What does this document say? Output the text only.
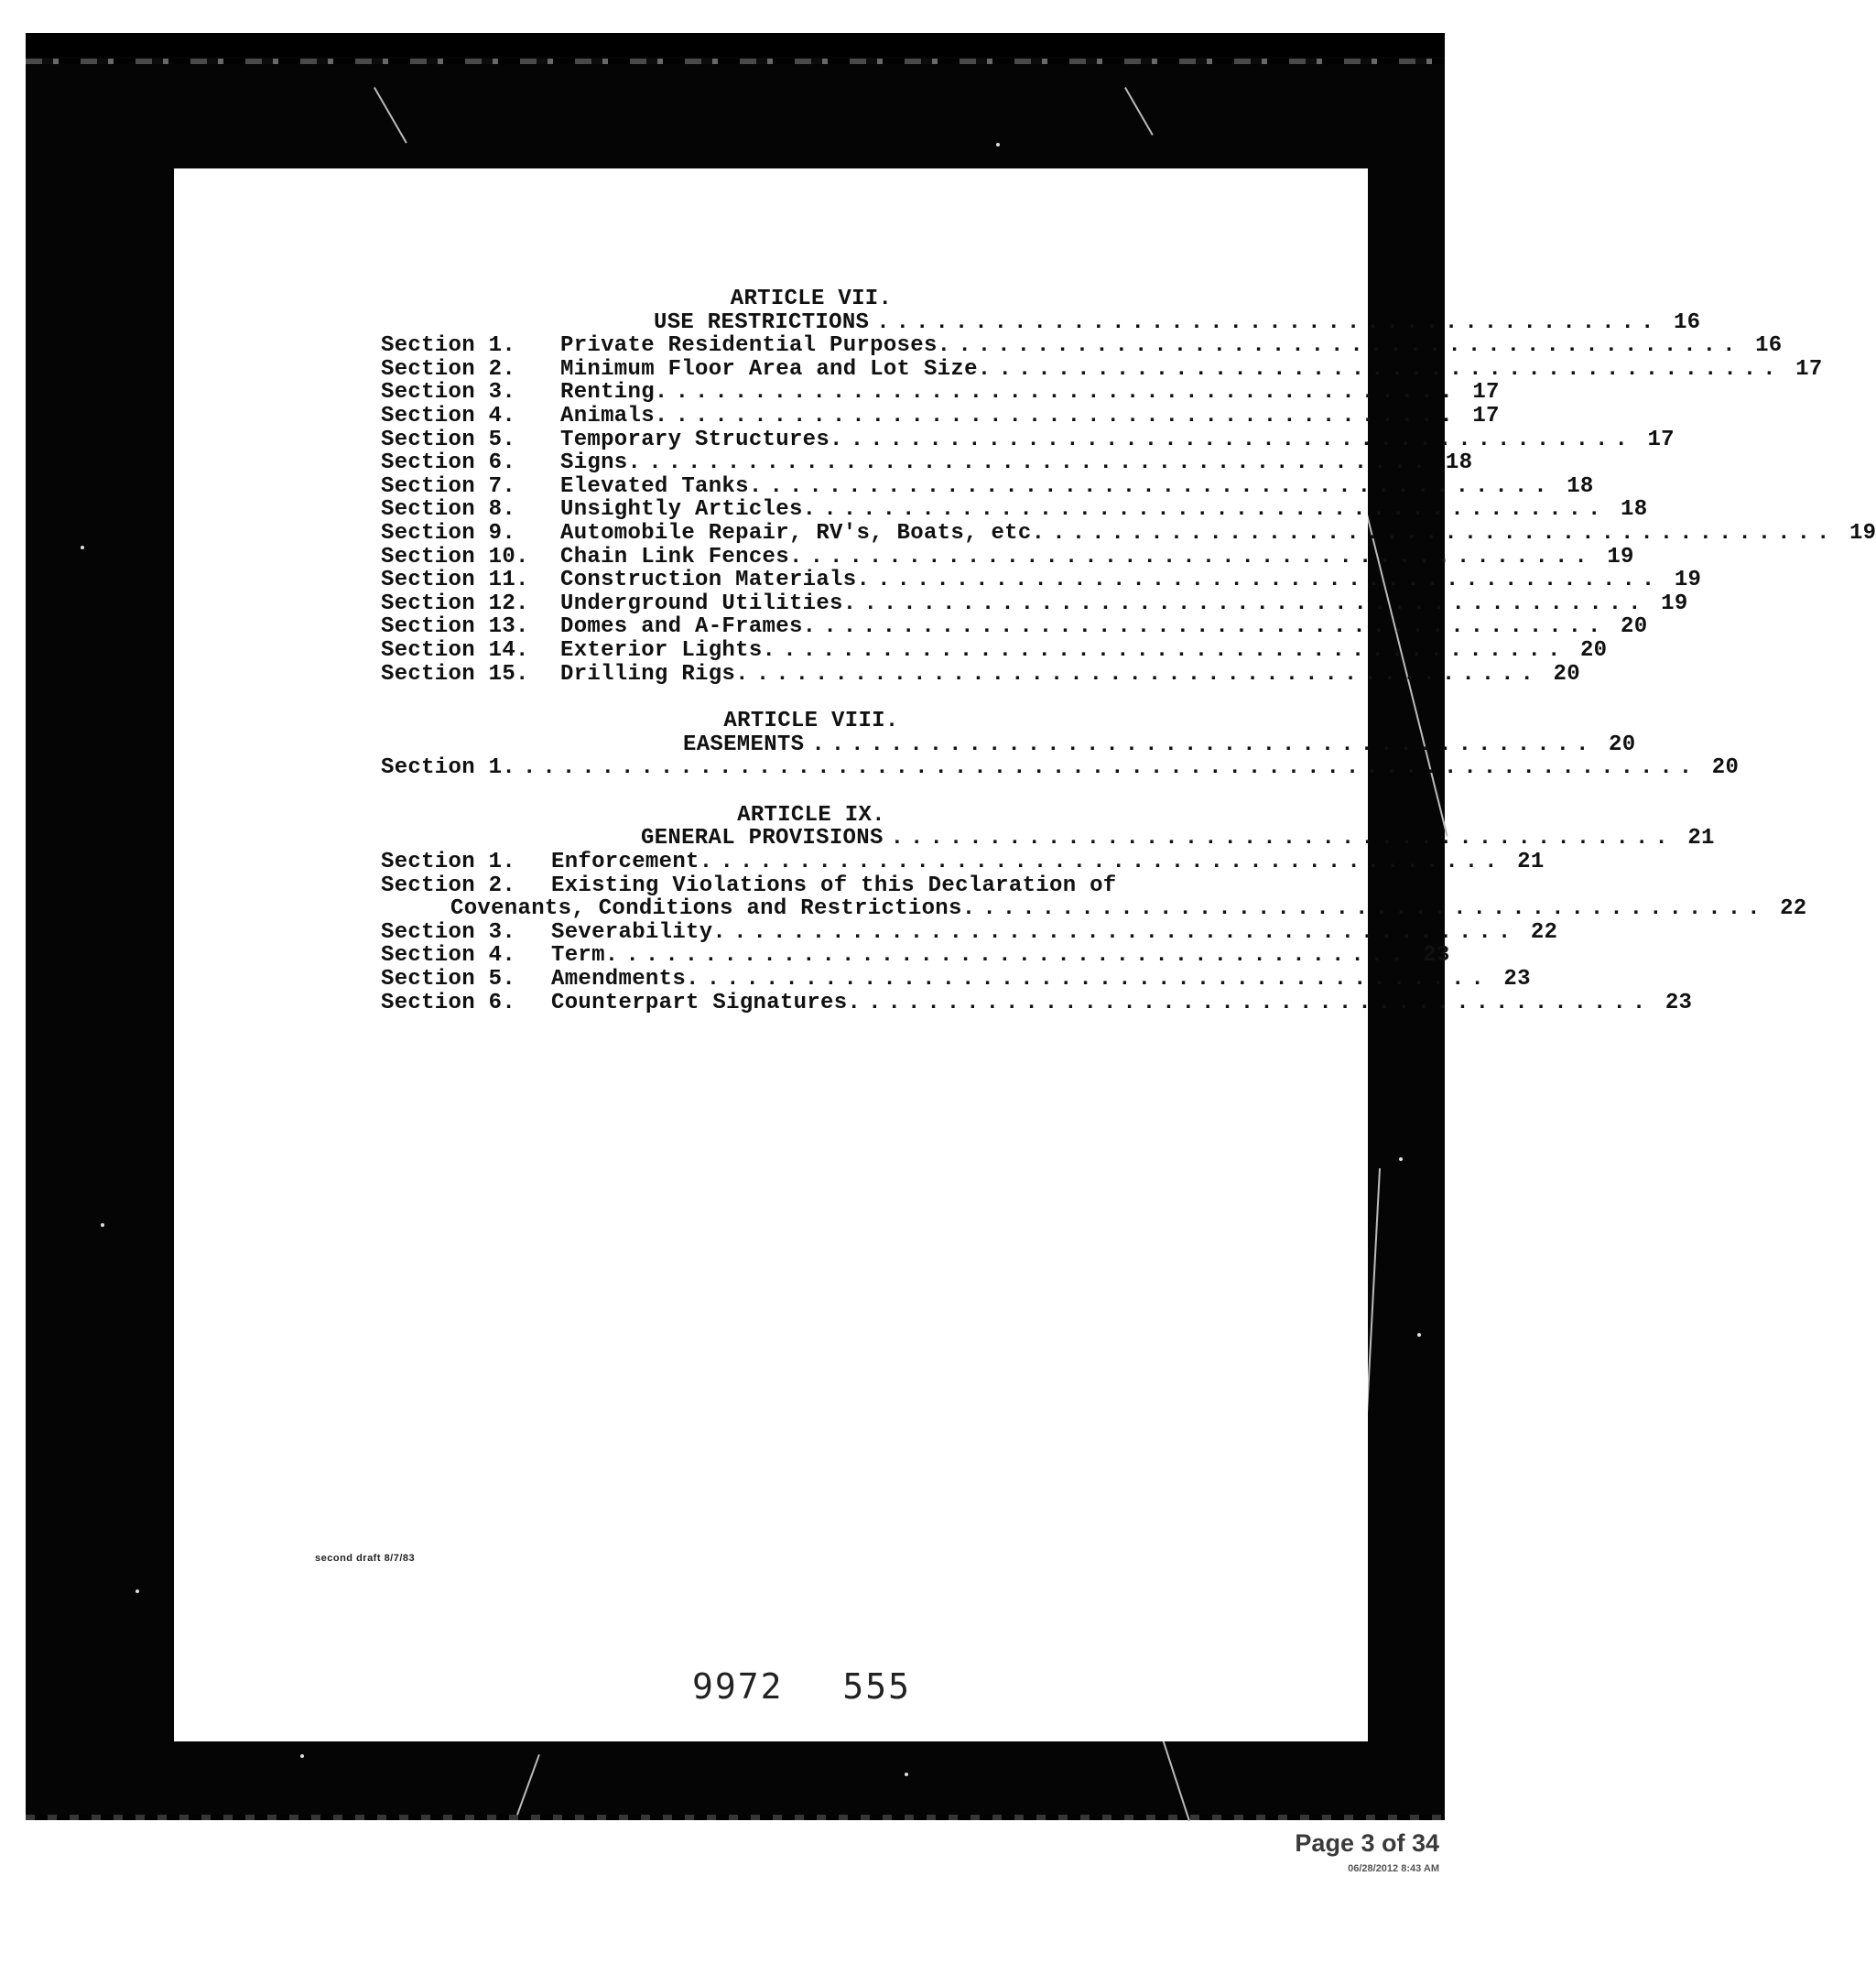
ARTICLE VII.
USE RESTRICTIONS ........................................ 16
Section 1.	Private Residential Purposes. ........................................ 16
Section 2.	Minimum Floor Area and Lot Size. ........................................ 17
Section 3.	Renting. ........................................ 17
Section 4.	Animals. ........................................ 17
Section 5.	Temporary Structures. ........................................ 17
Section 6.	Signs. ........................................ 18
Section 7.	Elevated Tanks. ........................................ 18
Section 8.	Unsightly Articles. ........................................ 18
Section 9.	Automobile Repair, RV's, Boats, etc. ........................................ 19
Section 10.	Chain Link Fences. ........................................ 19
Section 11.	Construction Materials. ........................................ 19
Section 12.	Underground Utilities. ........................................ 19
Section 13.	Domes and A-Frames. ........................................ 20
Section 14.	Exterior Lights. ........................................ 20
Section 15.	Drilling Rigs. ........................................ 20
ARTICLE VIII.
EASEMENTS ........................................ 20
Section 1. ............................................................ 20
ARTICLE IX.
GENERAL PROVISIONS ........................................ 21
Section 1.	Enforcement. ........................................ 21
Section 2.	Existing Violations of this Declaration of
Covenants, Conditions and Restrictions. ........................................ 22
Section 3.	Severability. ........................................ 22
Section 4.	Term. ........................................ 23
Section 5.	Amendments. ........................................ 23
Section 6.	Counterpart Signatures. ........................................ 23
second draft 8/7/83
9972 555
Page 3 of 34
06/28/2012 8:43 AM
